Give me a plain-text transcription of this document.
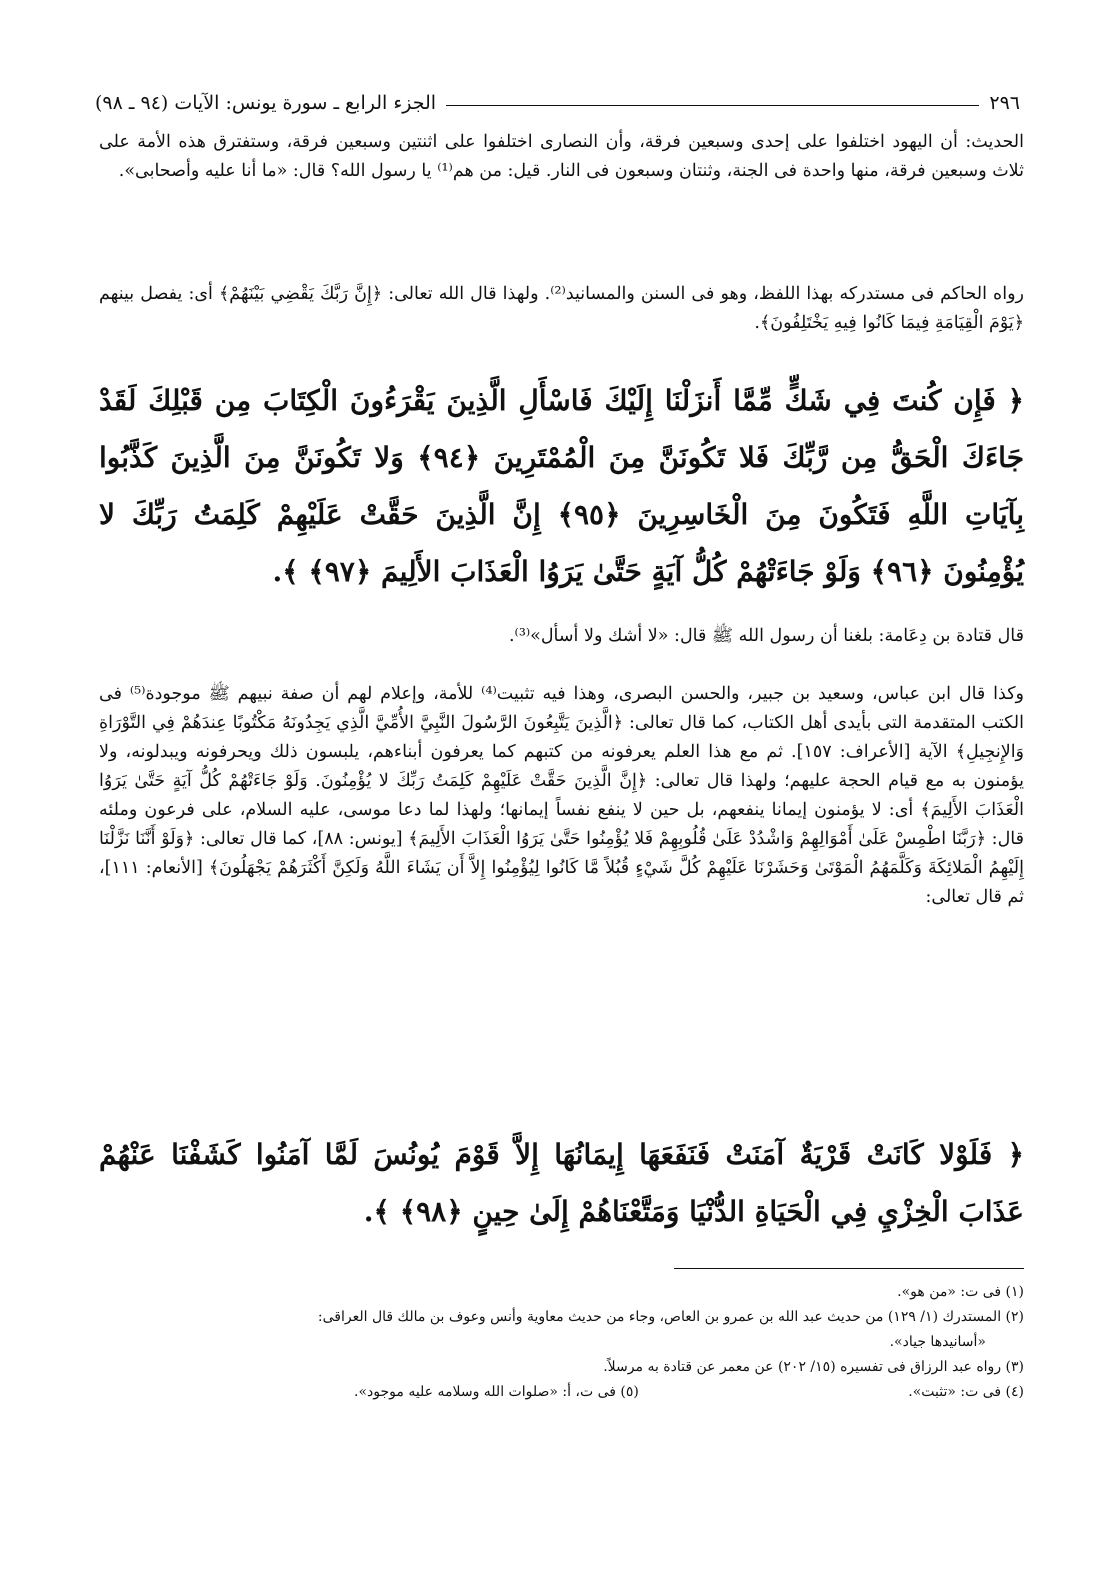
٢٩٦
الجزء الرابع ـ سورة يونس: الآيات (٩٤ ـ ٩٨)

الحديث: أن اليهود اختلفوا على إحدى وسبعين فرقة، وأن النصارى اختلفوا على اثنتين وسبعين فرقة، وستفترق هذه الأمة على ثلاث وسبعين فرقة، منها واحدة فى الجنة، وثنتان وسبعون فى النار. قيل: من هم⁽¹⁾ يا رسول الله؟ قال: «ما أنا عليه وأصحابى».

رواه الحاكم فى مستدركه بهذا اللفظ، وهو فى السنن والمسانيد⁽²⁾. ولهذا قال الله تعالى: ﴿إِنَّ رَبَّكَ يَقْضِي بَيْنَهُمْ﴾ أى: يفصل بينهم ﴿يَوْمَ الْقِيَامَةِ فِيمَا كَانُوا فِيهِ يَخْتَلِفُونَ﴾.

﴿ فَإِن كُنتَ فِي شَكٍّ مِّمَّا أَنزَلْنَا إِلَيْكَ فَاسْأَلِ الَّذِينَ يَقْرَءُونَ الْكِتَابَ مِن قَبْلِكَ لَقَدْ جَاءَكَ الْحَقُّ مِن رَّبِّكَ فَلا تَكُونَنَّ مِنَ الْمُمْتَرِينَ ﴿٩٤﴾ وَلا تَكُونَنَّ مِنَ الَّذِينَ كَذَّبُوا بِآيَاتِ اللَّهِ فَتَكُونَ مِنَ الْخَاسِرِينَ ﴿٩٥﴾ إِنَّ الَّذِينَ حَقَّتْ عَلَيْهِمْ كَلِمَتُ رَبِّكَ لا يُؤْمِنُونَ ﴿٩٦﴾ وَلَوْ جَاءَتْهُمْ كُلُّ آيَةٍ حَتَّىٰ يَرَوُا الْعَذَابَ الأَلِيمَ ﴿٩٧﴾ ﴾.

قال قتادة بن دِعَامة: بلغنا أن رسول الله ﷺ قال: «لا أشك ولا أسأل»⁽³⁾.

وكذا قال ابن عباس، وسعيد بن جبير، والحسن البصرى، وهذا فيه تثبيت⁽⁴⁾ للأمة، وإعلام لهم أن صفة نبيهم ﷺ موجودة⁽⁵⁾ فى الكتب المتقدمة التى بأيدى أهل الكتاب، كما قال تعالى: ﴿الَّذِينَ يَتَّبِعُونَ الرَّسُولَ النَّبِيَّ الأُمِّيَّ الَّذِي يَجِدُونَهُ مَكْتُوبًا عِندَهُمْ فِي التَّوْرَاةِ وَالإِنجِيلِ﴾ الآية [الأعراف: ١٥٧]. ثم مع هذا العلم يعرفونه من كتبهم كما يعرفون أبناءهم، يلبسون ذلك ويحرفونه ويبدلونه، ولا يؤمنون به مع قيام الحجة عليهم؛ ولهذا قال تعالى: ﴿إِنَّ الَّذِينَ حَقَّتْ عَلَيْهِمْ كَلِمَتُ رَبِّكَ لا يُؤْمِنُونَ. وَلَوْ جَاءَتْهُمْ كُلُّ آيَةٍ حَتَّىٰ يَرَوُا الْعَذَابَ الأَلِيمَ﴾ أى: لا يؤمنون إيمانا ينفعهم، بل حين لا ينفع نفساً إيمانها؛ ولهذا لما دعا موسى، عليه السلام، على فرعون وملئه قال: ﴿رَبَّنَا اطْمِسْ عَلَىٰ أَمْوَالِهِمْ وَاشْدُدْ عَلَىٰ قُلُوبِهِمْ فَلا يُؤْمِنُوا حَتَّىٰ يَرَوُا الْعَذَابَ الأَلِيمَ﴾ [يونس: ٨٨]، كما قال تعالى: ﴿وَلَوْ أَنَّنَا نَزَّلْنَا إِلَيْهِمُ الْمَلائِكَةَ وَكَلَّمَهُمُ الْمَوْتَىٰ وَحَشَرْنَا عَلَيْهِمْ كُلَّ شَيْءٍ قُبُلاً مَّا كَانُوا لِيُؤْمِنُوا إِلاَّ أَن يَشَاءَ اللَّهُ وَلَكِنَّ أَكْثَرَهُمْ يَجْهَلُونَ﴾ [الأنعام: ١١١]، ثم قال تعالى:

﴿ فَلَوْلا كَانَتْ قَرْيَةٌ آمَنَتْ فَنَفَعَهَا إِيمَانُهَا إِلاَّ قَوْمَ يُونُسَ لَمَّا آمَنُوا كَشَفْنَا عَنْهُمْ عَذَابَ الْخِزْيِ فِي الْحَيَاةِ الدُّنْيَا وَمَتَّعْنَاهُمْ إِلَىٰ حِينٍ ﴿٩٨﴾ ﴾.

(١) فى ت: «من هو».

(٢) المستدرك (١/ ١٢٩) من حديث عبد الله بن عمرو بن العاص، وجاء من حديث معاوية وأنس وعوف بن مالك قال العراقى:

«أسانيدها جياد».

(٣) رواه عبد الرزاق فى تفسيره (١٥/ ٢٠٢) عن معمر عن قتادة به مرسلاً.

(٤) فى ت: «تثبت».
(٥) فى ت، أ: «صلوات الله وسلامه عليه موجود».
